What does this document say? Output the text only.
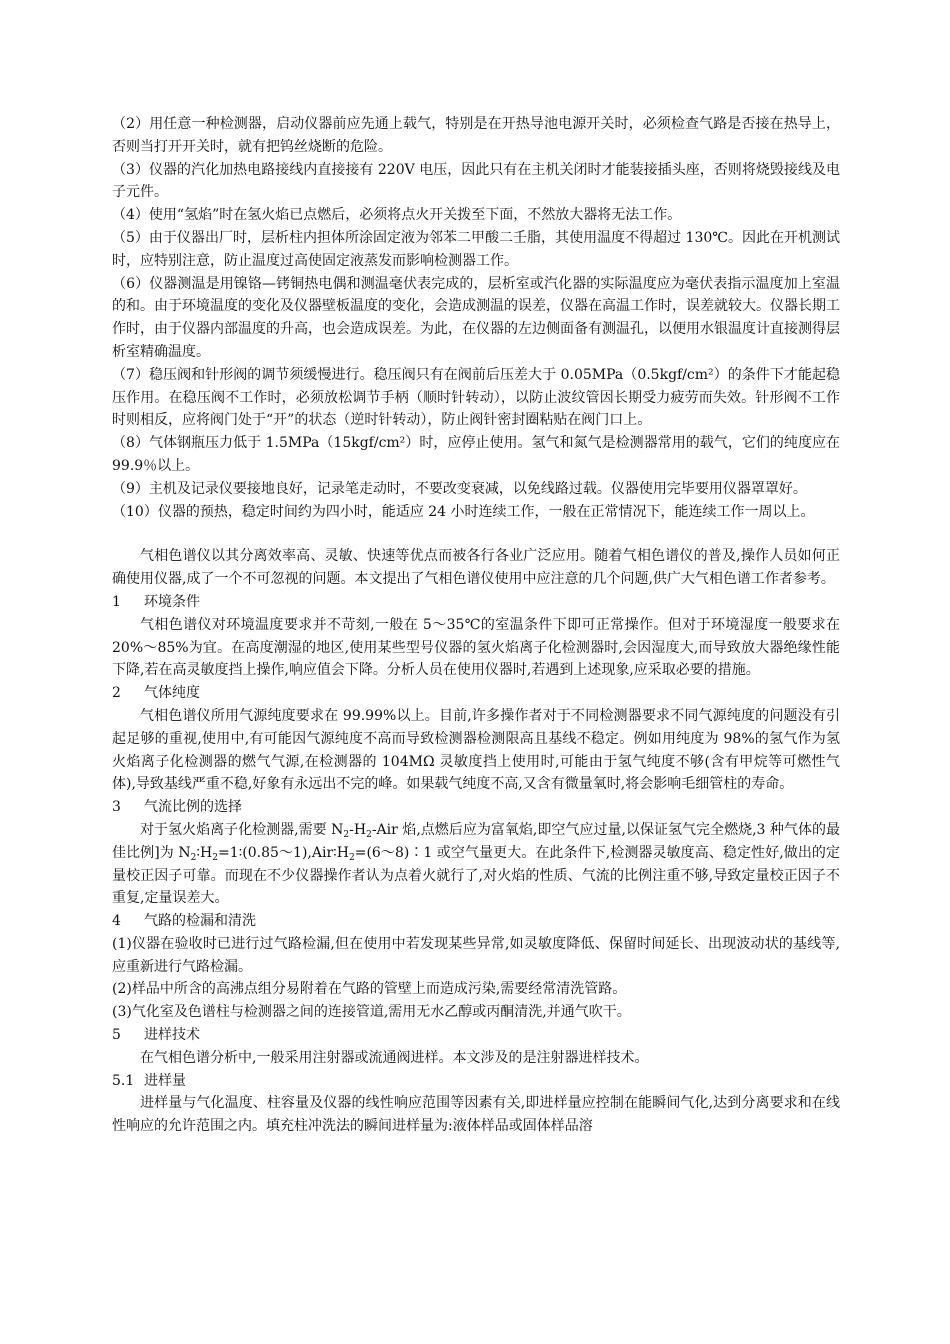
（2）用任意一种检测器，启动仪器前应先通上载气，特别是在开热导池电源开关时，必须检查气路是否接在热导上，否则当打开开关时，就有把钨丝烧断的危险。

（3）仪器的汽化加热电路接线内直接接有 220V 电压，因此只有在主机关闭时才能装接插头座，否则将烧毁接线及电子元件。

（4）使用“氢焰”时在氢火焰已点燃后，必须将点火开关拨至下面，不然放大器将无法工作。

（5）由于仪器出厂时，层析柱内担体所涂固定液为邻苯二甲酸二壬脂，其使用温度不得超过 130℃。因此在开机测试时，应特别注意，防止温度过高使固定液蒸发而影响检测器工作。

（6）仪器测温是用镍铬—铐铜热电偶和测温毫伏表完成的，层析室或汽化器的实际温度应为毫伏表指示温度加上室温的和。由于环境温度的变化及仪器壁板温度的变化，会造成测温的误差，仪器在高温工作时，误差就较大。仪器长期工作时，由于仪器内部温度的升高，也会造成误差。为此，在仪器的左边侧面备有测温孔，以便用水银温度计直接测得层析室精确温度。

（7）稳压阀和针形阀的调节须缓慢进行。稳压阀只有在阀前后压差大于 0.05MPa（0.5kgf/cm²）的条件下才能起稳压作用。在稳压阀不工作时，必须放松调节手柄（顺时针转动），以防止波纹管因长期受力疲劳而失效。针形阀不工作时则相反，应将阀门处于“开”的状态（逆时针转动），防止阀针密封圈粘贴在阀门口上。

（8）气体钢瓶压力低于 1.5MPa（15kgf/cm²）时，应停止使用。氢气和氮气是检测器常用的载气，它们的纯度应在 99.9％以上。

（9）主机及记录仪要接地良好，记录笔走动时，不要改变衰减，以免线路过载。仪器使用完毕要用仪器罩罩好。

（10）仪器的预热，稳定时间约为四小时，能适应 24 小时连续工作，一般在正常情况下，能连续工作一周以上。

气相色谱仪以其分离效率高、灵敏、快速等优点而被各行各业广泛应用。随着气相色谱仪的普及,操作人员如何正确使用仪器,成了一个不可忽视的问题。本文提出了气相色谱仪使用中应注意的几个问题,供广大气相色谱工作者参考。

1 环境条件

气相色谱仪对环境温度要求并不苛刻,一般在 5～35℃的室温条件下即可正常操作。但对于环境湿度一般要求在 20%～85%为宜。在高度潮湿的地区,使用某些型号仪器的氢火焰离子化检测器时,会因湿度大,而导致放大器绝缘性能下降,若在高灵敏度挡上操作,响应值会下降。分析人员在使用仪器时,若遇到上述现象,应采取必要的措施。

2 气体纯度

气相色谱仪所用气源纯度要求在 99.99%以上。目前,许多操作者对于不同检测器要求不同气源纯度的问题没有引起足够的重视,使用中,有可能因气源纯度不高而导致检测器检测限高且基线不稳定。例如用纯度为 98%的氢气作为氢火焰离子化检测器的燃气气源,在检测器的 104MΩ 灵敏度挡上使用时,可能由于氢气纯度不够(含有甲烷等可燃性气体),导致基线严重不稳,好象有永远出不完的峰。如果载气纯度不高,又含有微量氧时,将会影响毛细管柱的寿命。

3 气流比例的选择

对于氢火焰离子化检测器,需要 $N_2-H_2$-Air 焰,点燃后应为富氧焰,即空气应过量,以保证氢气完全燃烧,3 种气体的最佳比例]为 $N_2∶H_2=1∶(0.85\sim 1),Air∶H_2=(6\sim 8)∶1$ 或空气量更大。在此条件下,检测器灵敏度高、稳定性好,做出的定量校正因子可靠。而现在不少仪器操作者认为点着火就行了,对火焰的性质、气流的比例注重不够,导致定量校正因子不重复,定量误差大。

4 气路的检漏和清洗

(1)仪器在验收时已进行过气路检漏,但在使用中若发现某些异常,如灵敏度降低、保留时间延长、出现波动状的基线等,应重新进行气路检漏。

(2)样品中所含的高沸点组分易附着在气路的管壁上而造成污染,需要经常清洗管路。

(3)气化室及色谱柱与检测器之间的连接管道,需用无水乙醇或丙酮清洗,并通气吹干。

5 进样技术

在气相色谱分析中,一般采用注射器或流通阀进样。本文涉及的是注射器进样技术。

5.1 进样量

进样量与气化温度、柱容量及仪器的线性响应范围等因素有关,即进样量应控制在能瞬间气化,达到分离要求和在线性响应的允许范围之内。填充柱冲洗法的瞬间进样量为:液体样品或固体样品溶
